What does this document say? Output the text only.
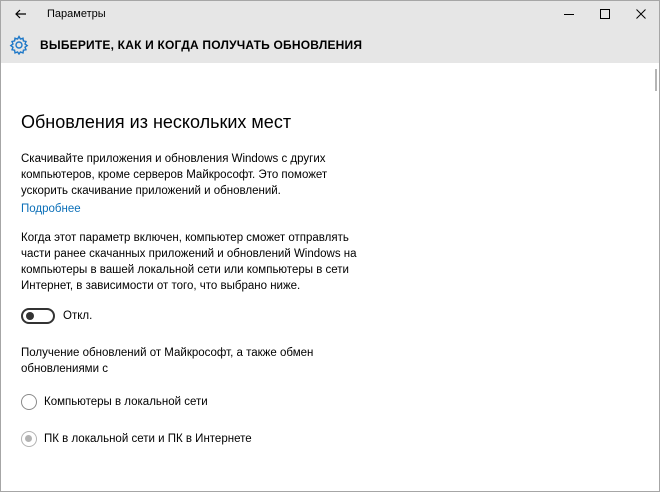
Параметры
ВЫБЕРИТЕ, КАК И КОГДА ПОЛУЧАТЬ ОБНОВЛЕНИЯ
Обновления из нескольких мест
Скачивайте приложения и обновления Windows с других
компьютеров, кроме серверов Майкрософт. Это поможет
ускорить скачивание приложений и обновлений.
Подробнее
Когда этот параметр включен, компьютер сможет отправлять
части ранее скачанных приложений и обновлений Windows на
компьютеры в вашей локальной сети или компьютеры в сети
Интернет, в зависимости от того, что выбрано ниже.
Откл.
Получение обновлений от Майкрософт, а также обмен
обновлениями с
Компьютеры в локальной сети
ПК в локальной сети и ПК в Интернете
